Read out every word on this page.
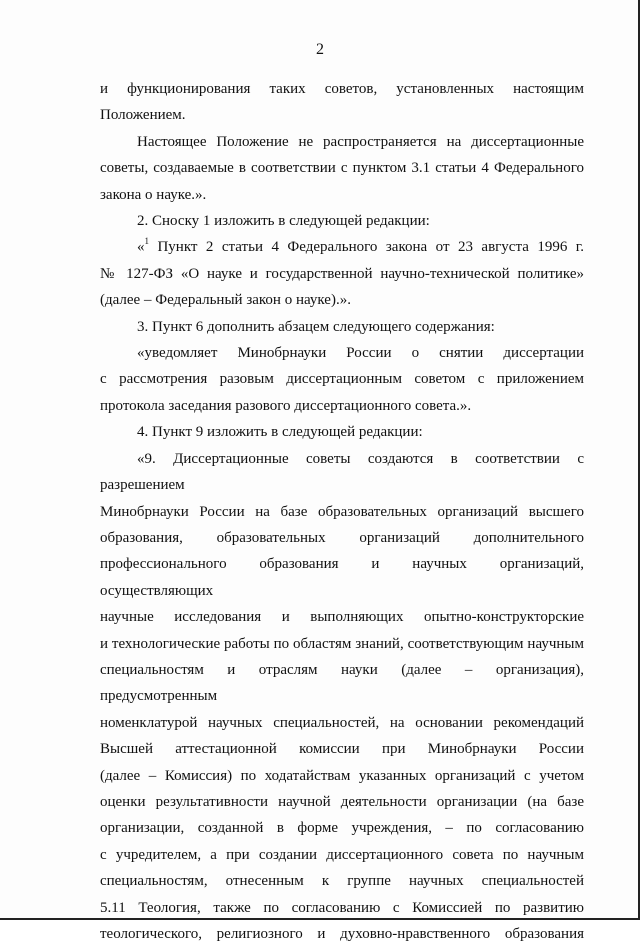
2
и функционирования таких советов, установленных настоящим
Положением.
Настоящее Положение не распространяется на диссертационные
советы, создаваемые в соответствии с пунктом 3.1 статьи 4 Федерального
закона о науке.».
2. Сноску 1 изложить в следующей редакции:
«$^1$ Пункт 2 статьи 4 Федерального закона от 23 августа 1996 г.
№ 127-ФЗ «О науке и государственной научно-технической политике»
(далее – Федеральный закон о науке).».
3. Пункт 6 дополнить абзацем следующего содержания:
«уведомляет Минобрнауки России о снятии диссертации
с рассмотрения разовым диссертационным советом с приложением
протокола заседания разового диссертационного совета.».
4. Пункт 9 изложить в следующей редакции:
«9. Диссертационные советы создаются в соответствии с разрешением
Минобрнауки России на базе образовательных организаций высшего
образования, образовательных организаций дополнительного
профессионального образования и научных организаций, осуществляющих
научные исследования и выполняющих опытно-конструкторские
и технологические работы по областям знаний, соответствующим научным
специальностям и отраслям науки (далее – организация), предусмотренным
номенклатурой научных специальностей, на основании рекомендаций
Высшей аттестационной комиссии при Минобрнауки России
(далее – Комиссия) по ходатайствам указанных организаций с учетом
оценки результативности научной деятельности организации (на базе
организации, созданной в форме учреждения, – по согласованию
с учредителем, а при создании диссертационного совета по научным
специальностям, отнесенным к группе научных специальностей
5.11 Теология, также по согласованию с Комиссией по развитию
теологического, религиозного и духовно-нравственного образования
